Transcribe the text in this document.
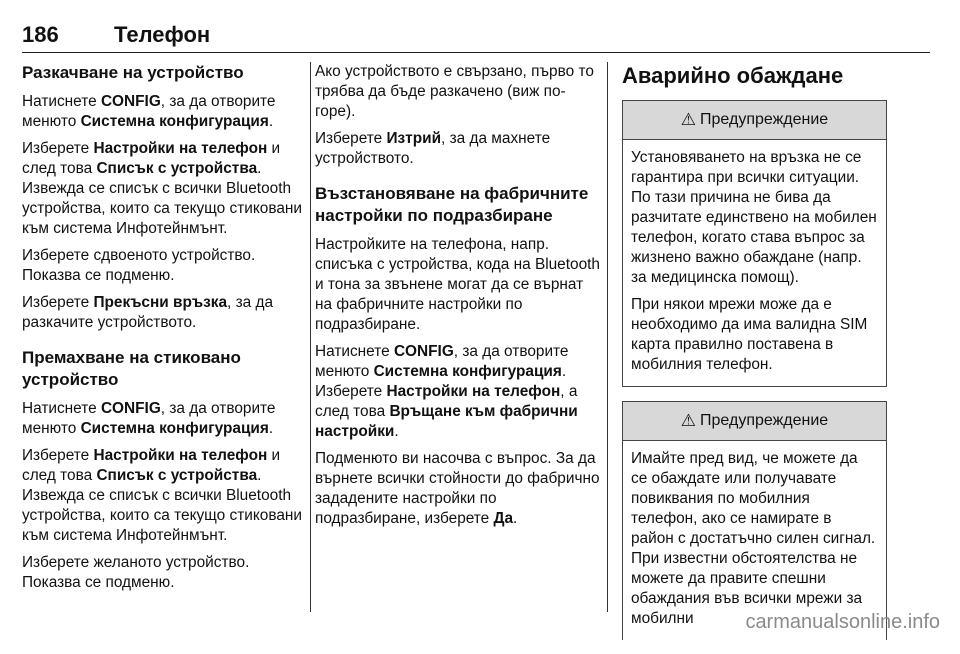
186	Телефон
Разкачване на устройство

Натиснете CONFIG, за да отворите менюто Системна конфигурация.

Изберете Настройки на телефон и след това Списък с устройства. Извежда се списък с всички Bluetooth устройства, които са текущо стиковани към система Инфотейнмънт.

Изберете сдвоеното устройство. Показва се подменю.

Изберете Прекъсни връзка, за да разкачите устройството.

Премахване на стиковано устройство

Натиснете CONFIG, за да отворите менюто Системна конфигурация.

Изберете Настройки на телефон и след това Списък с устройства. Извежда се списък с всички Bluetooth устройства, които са текущо стиковани към система Инфотейнмънт.

Изберете желаното устройство. Показва се подменю.

Ако устройството е свързано, първо то трябва да бъде разкачено (виж по-горе).

Изберете Изтрий, за да махнете устройството.

Възстановяване на фабричните настройки по подразбиране

Настройките на телефона, напр. списъка с устройства, кода на Bluetooth и тона за звънене могат да се върнат на фабричните настройки по подразбиране.

Натиснете CONFIG, за да отворите менюто Системна конфигурация. Изберете Настройки на телефон, а след това Връщане към фабрични настройки.

Подменюто ви насочва с въпрос. За да върнете всички стойности до фабрично зададените настройки по подразбиране, изберете Да.

Аварийно обаждане
⚠ Предупреждение

Установяването на връзка не се гарантира при всички ситуации. По тази причина не бива да разчитате единствено на мобилен телефон, когато става въпрос за жизнено важно обаждане (напр. за медицинска помощ).

При някои мрежи може да е необходимо да има валидна SIM карта правилно поставена в мобилния телефон.

⚠ Предупреждение

Имайте пред вид, че можете да се обаждате или получавате повиквания по мобилния телефон, ако се намирате в район с достатъчно силен сигнал. При известни обстоятелства не можете да правите спешни обаждания във всички мрежи за мобилни	carmanualsonline.info
